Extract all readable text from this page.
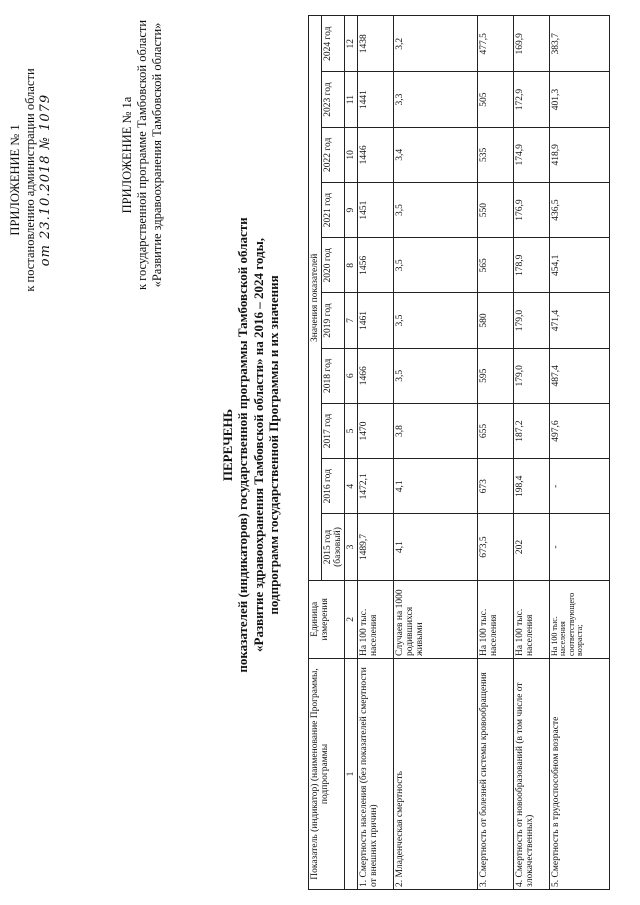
ПРИЛОЖЕНИЕ № 1 к постановлению администрации области от 23.10.2018 № 1079	ПРИЛОЖЕНИЕ № 1а к государственной программе Тамбовской области «Развитие здравоохранения Тамбовской области»
ПЕРЕЧЕНЬ показателей (индикаторов) государственной программы Тамбовской области «Развитие здравоохранения Тамбовской области» на 2016 – 2024 годы, подпрограмм государственной Программы и их значения
Показатель (индикатор) (наименование Программы, подпрограммы	Единица измерения	Значения показателей									
		2015 год (базовый)	2016 год	2017 год	2018 год	2019 год	2020 год	2021 год	2022 год	2023 год	2024 год
1	2	3	4	5	6	7	8	9	10	11	12
1. Смертность населения (без показателей смертности от внешних причин)	На 100 тыс. населения	1489,7	1472,1	1470	1466	1461	1456	1451	1446	1441	1438
2. Младенческая смертность	Случаев на 1000 родившихся живыми	4,1	4,1	3,8	3,5	3,5	3,5	3,5	3,4	3,3	3,2
3. Смертность от болезней системы кровообращения	На 100 тыс. населения	673,5	673	655	595	580	565	550	535	505	477,5
4. Смертность от новообразований (в том числе от злокачественных)	На 100 тыс. населения	202	198,4	187,2	179,0	179,0	178,9	176,9	174,9	172,9	169,9
5. Смертность в трудоспособном возрасте	На 100 тыс. населения соответствующего возраста;	-	-	497,6	487,4	471,4	454,1	436,5	418,9	401,3	383,7
